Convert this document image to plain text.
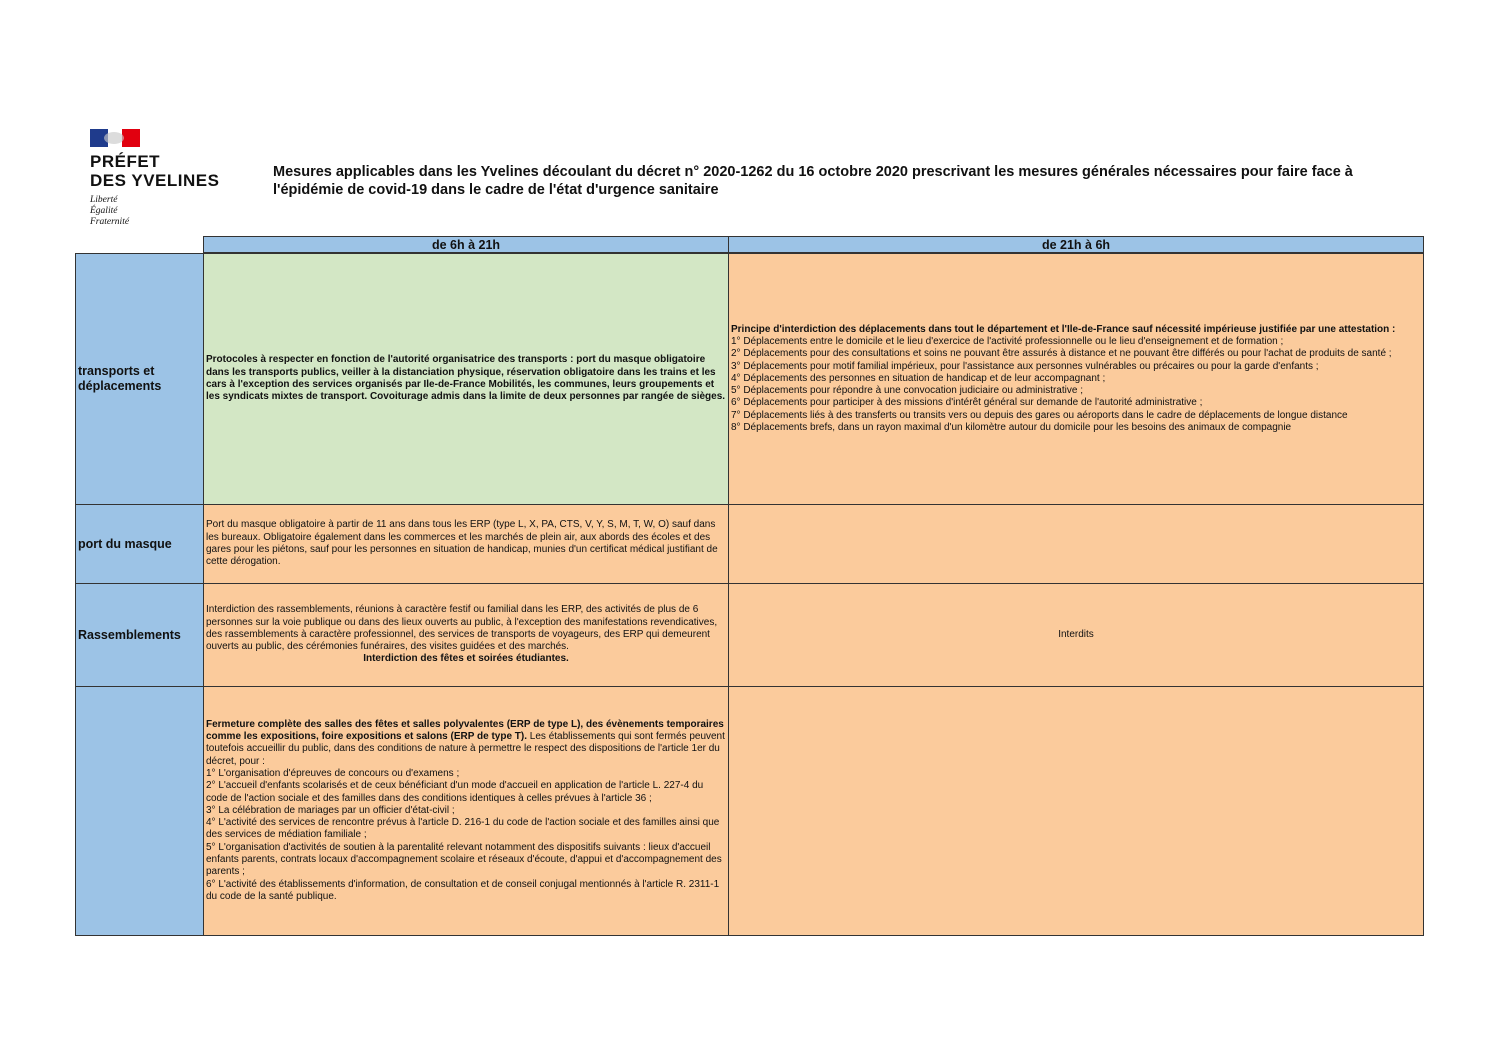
PRÉFET
DES YVELINES
Liberté
Égalité
Fraternité
Mesures applicables dans les Yvelines découlant du décret n° 2020-1262 du 16 octobre 2020 prescrivant les mesures générales nécessaires pour faire face à l'épidémie de covid-19 dans le cadre de l'état d'urgence sanitaire
de 6h à 21h	de 21h à 6h
transports et déplacements
Protocoles à respecter en fonction de l'autorité organisatrice des transports : port du masque obligatoire dans les transports publics, veiller à la distanciation physique, réservation obligatoire dans les trains et les cars à l'exception des services organisés par Ile-de-France Mobilités, les communes, leurs groupements et les syndicats mixtes de transport. Covoiturage admis dans la limite de deux personnes par rangée de sièges.
Principe d'interdiction des déplacements dans tout le département et l'Ile-de-France sauf nécessité impérieuse justifiée par une attestation :
1° Déplacements entre le domicile et le lieu d'exercice de l'activité professionnelle ou le lieu d'enseignement et de formation ;
2° Déplacements pour des consultations et soins ne pouvant être assurés à distance et ne pouvant être différés ou pour l'achat de produits de santé ;
3° Déplacements pour motif familial impérieux, pour l'assistance aux personnes vulnérables ou précaires ou pour la garde d'enfants ;
4° Déplacements des personnes en situation de handicap et de leur accompagnant ;
5° Déplacements pour répondre à une convocation judiciaire ou administrative ;
6° Déplacements pour participer à des missions d'intérêt général sur demande de l'autorité administrative ;
7° Déplacements liés à des transferts ou transits vers ou depuis des gares ou aéroports dans le cadre de déplacements de longue distance
8° Déplacements brefs, dans un rayon maximal d'un kilomètre autour du domicile pour les besoins des animaux de compagnie
port du masque
Port du masque obligatoire à partir de 11 ans dans tous les ERP (type L, X, PA, CTS, V, Y, S, M, T, W, O) sauf dans les bureaux. Obligatoire également dans les commerces et les marchés de plein air, aux abords des écoles et des gares pour les piétons, sauf pour les personnes en situation de handicap, munies d'un certificat médical justifiant de cette dérogation.
Rassemblements
Interdiction des rassemblements, réunions à caractère festif ou familial dans les ERP, des activités de plus de 6 personnes sur la voie publique ou dans des lieux ouverts au public, à l'exception des manifestations revendicatives, des rassemblements à caractère professionnel, des services de transports de voyageurs, des ERP qui demeurent ouverts au public, des cérémonies funéraires, des visites guidées et des marchés.
Interdiction des fêtes et soirées étudiantes.
Interdits
Fermeture complète des salles des fêtes et salles polyvalentes (ERP de type L), des évènements temporaires comme les expositions, foire expositions et salons (ERP de type T). Les établissements qui sont fermés peuvent toutefois accueillir du public, dans des conditions de nature à permettre le respect des dispositions de l'article 1er du décret, pour :
1° L'organisation d'épreuves de concours ou d'examens ;
2° L'accueil d'enfants scolarisés et de ceux bénéficiant d'un mode d'accueil en application de l'article L. 227-4 du code de l'action sociale et des familles dans des conditions identiques à celles prévues à l'article 36 ;
3° La célébration de mariages par un officier d'état-civil ;
4° L'activité des services de rencontre prévus à l'article D. 216-1 du code de l'action sociale et des familles ainsi que des services de médiation familiale ;
5° L'organisation d'activités de soutien à la parentalité relevant notamment des dispositifs suivants : lieux d'accueil enfants parents, contrats locaux d'accompagnement scolaire et réseaux d'écoute, d'appui et d'accompagnement des parents ;
6° L'activité des établissements d'information, de consultation et de conseil conjugal mentionnés à l'article R. 2311-1 du code de la santé publique.
